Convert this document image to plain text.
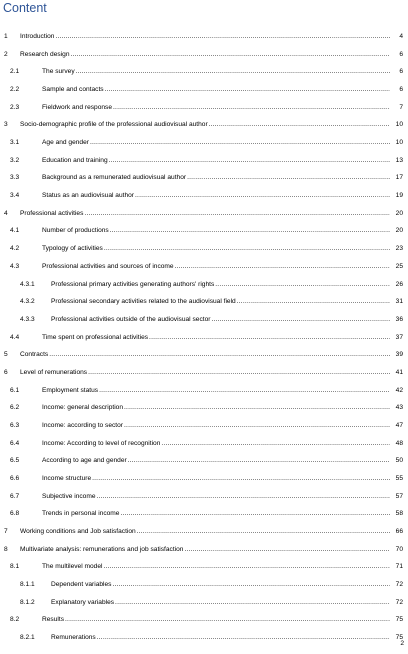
Content
1 Introduction .....	4
2 Research design .....	6
2.1	The survey .....	6
2.2	Sample and contacts .....	6
2.3	Fieldwork and response .....	7
3 Socio-demographic profile of the professional audiovisual author .....	10
3.1	Age and gender .....	10
3.2	Education and training .....	13
3.3	Background as a remunerated audiovisual author .....	17
3.4	Status as an audiovisual author .....	19
4 Professional activities .....	20
4.1	Number of productions .....	20
4.2	Typology of activities .....	23
4.3	Professional activities and sources of income .....	25
4.3.1 Professional primary activities generating authors' rights .....	26
4.3.2 Professional secondary activities related to the audiovisual field .....	31
4.3.3 Professional activities outside of the audiovisual sector .....	36
4.4	Time spent on professional activities .....	37
5 Contracts .....	39
6 Level of remunerations .....	41
6.1	Employment status .....	42
6.2	Income: general description .....	43
6.3	Income: according to sector .....	47
6.4	Income: According to level of recognition .....	48
6.5	According to age and gender .....	50
6.6	Income structure .....	55
6.7	Subjective income .....	57
6.8	Trends in personal income .....	58
7 Working conditions and Job satisfaction .....	66
8 Multivariate analysis: remunerations and job satisfaction .....	70
8.1	The multilevel model .....	71
8.1.1 Dependent variables .....	72
8.1.2 Explanatory variables .....	72
8.2	Results .....	75
8.2.1 Remunerations .....	75
2
